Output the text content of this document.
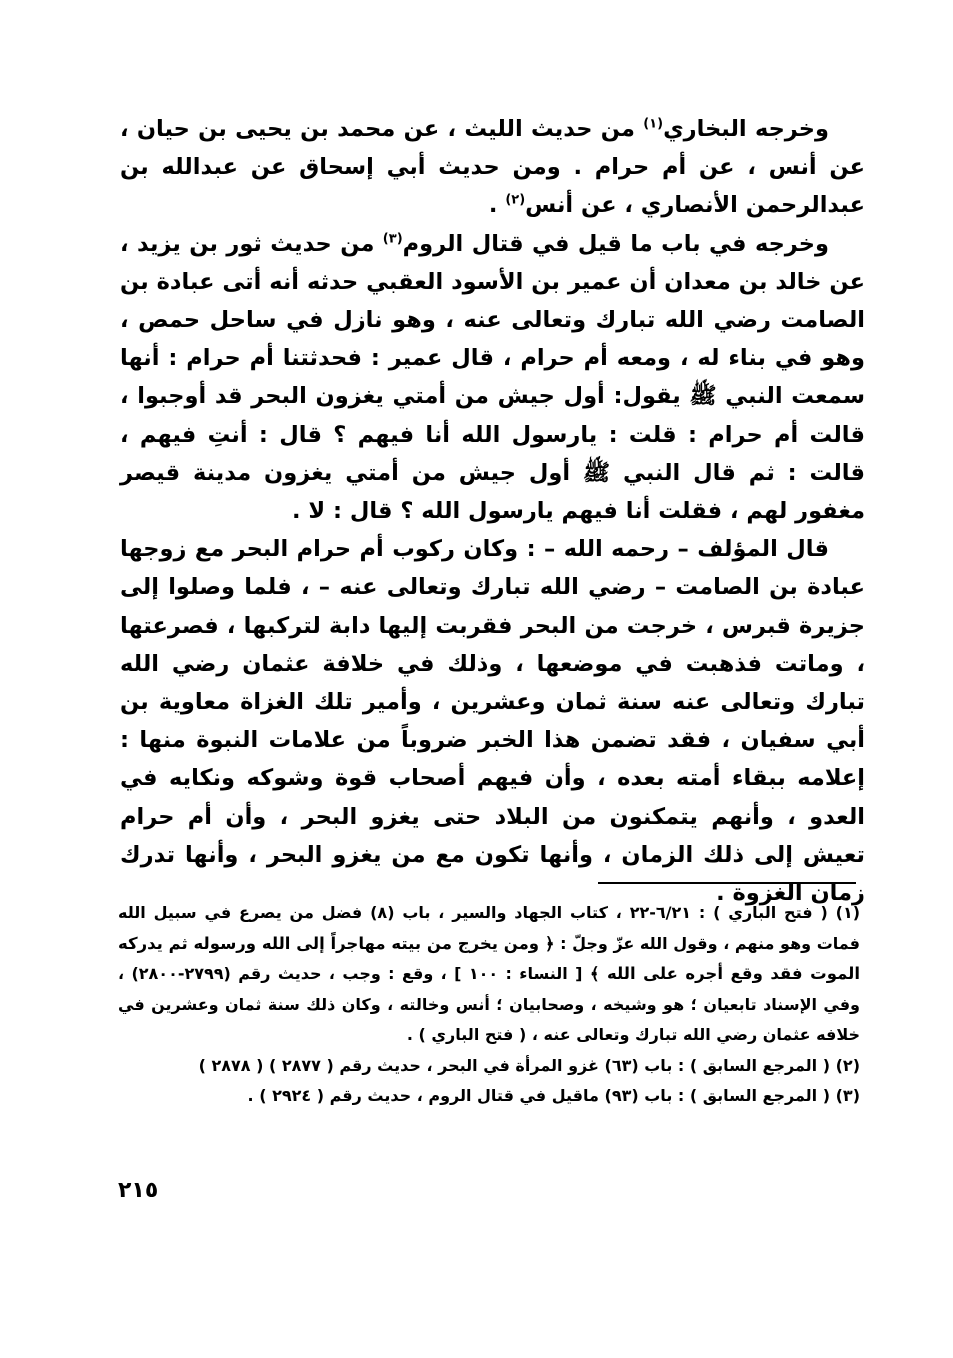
وخرجه البخاري$^{(١)}$ من حديث الليث ، عن محمد بن يحيى بن حيان ، عن أنس ، عن أم حرام . ومن حديث أبي إسحاق عن عبدالله بن عبدالرحمن الأنصاري ، عن أنس$^{(٢)}$ .

وخرجه في باب ما قيل في قتال الروم$^{(٣)}$ من حديث ثور بن يزيد ، عن خالد بن معدان أن عمير بن الأسود العقبي حدثه أنه أتى عبادة بن الصامت رضي الله تبارك وتعالى عنه ، وهو نازل في ساحل حمص ، وهو في بناء له ، ومعه أم حرام ، قال عمير : فحدثتنا أم حرام : أنها سمعت النبي ﷺ يقول: أول جيش من أمتي يغزون البحر قد أوجبوا ، قالت أم حرام : قلت : يارسول الله أنا فيهم ؟ قال : أنتِ فيهم ، قالت : ثم قال النبي ﷺ أول جيش من أمتي يغزون مدينة قيصر مغفور لهم ، فقلت أنا فيهم يارسول الله ؟ قال : لا .

قال المؤلف – رحمه الله – : وكان ركوب أم حرام البحر مع زوجها عبادة بن الصامت – رضي الله تبارك وتعالى عنه – ، فلما وصلوا إلى جزيرة قبرس ، خرجت من البحر فقربت إليها دابة لتركبها ، فصرعتها ، وماتت فذهبت في موضعها ، وذلك في خلافة عثمان رضي الله تبارك وتعالى عنه سنة ثمان وعشرين ، وأمير تلك الغزاة معاوية بن أبي سفيان ، فقد تضمن هذا الخبر ضروباً من علامات النبوة منها : إعلامه ببقاء أمته بعده ، وأن فيهم أصحاب قوة وشوكه ونكايه في العدو ، وأنهم يتمكنون من البلاد حتى يغزو البحر ، وأن أم حرام تعيش إلى ذلك الزمان ، وأنها تكون مع من يغزو البحر ، وأنها تدرك زمان الغزوة .

(١) ( فتح الباري ) : ٦/٢١-٢٢ ، كتاب الجهاد والسير ، باب (٨) فضل من يصرع في سبيل الله فمات وهو منهم ، وقول الله عزّ وجلّ : ﴿ ومن يخرج من بيته مهاجراً إلى الله ورسوله ثم يدركه الموت فقد وقع أجره على الله ﴾ [ النساء : ١٠٠ ] ، وقع : وجب ، حديث رقم (٢٧٩٩-٢٨٠٠) ، وفي الإسناد تابعيان ؛ هو وشيخه ، وصحابيان ؛ أنس وخالته ، وكان ذلك سنة ثمان وعشرين في خلافه عثمان رضي الله تبارك وتعالى عنه ، ( فتح الباري ) .

(٢) ( المرجع السابق ) : باب (٦٣) غزو المرأة في البحر ، حديث رقم ( ٢٨٧٧ ) ( ٢٨٧٨ )

(٣) ( المرجع السابق ) : باب (٩٣) ماقيل في قتال الروم ، حديث رقم ( ٢٩٢٤ ) .

٢١٥
